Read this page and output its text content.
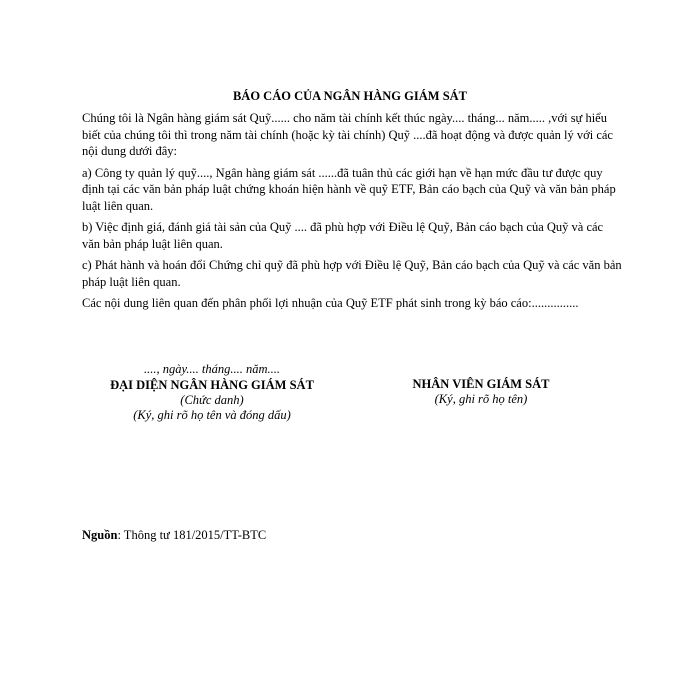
BÁO CÁO CỦA NGÂN HÀNG GIÁM SÁT

Chúng tôi là Ngân hàng giám sát Quỹ...... cho năm tài chính kết thúc ngày.... tháng... năm..... ,với sự hiểu biết của chúng tôi thì trong năm tài chính (hoặc kỳ tài chính) Quỹ ....đã hoạt động và được quản lý với các nội dung dưới đây:

a) Công ty quản lý quỹ...., Ngân hàng giám sát ......đã tuân thủ các giới hạn về hạn mức đầu tư được quy định tại các văn bản pháp luật chứng khoán hiện hành về quỹ ETF, Bản cáo bạch của Quỹ và văn bản pháp luật liên quan.

b) Việc định giá, đánh giá tài sản của Quỹ .... đã phù hợp với Điều lệ Quỹ, Bản cáo bạch của Quỹ và các văn bản pháp luật liên quan.

c) Phát hành và hoán đổi Chứng chỉ quỹ đã phù hợp với Điều lệ Quỹ, Bản cáo bạch của Quỹ và các văn bản pháp luật liên quan.

Các nội dung liên quan đến phân phối lợi nhuận của Quỹ ETF phát sinh trong kỳ báo cáo:...............

...., ngày.... tháng.... năm....
ĐẠI DIỆN NGÂN HÀNG GIÁM SÁT
(Chức danh)
(Ký, ghi rõ họ tên và đóng dấu)
NHÂN VIÊN GIÁM SÁT
(Ký, ghi rõ họ tên)
Nguồn: Thông tư 181/2015/TT-BTC
